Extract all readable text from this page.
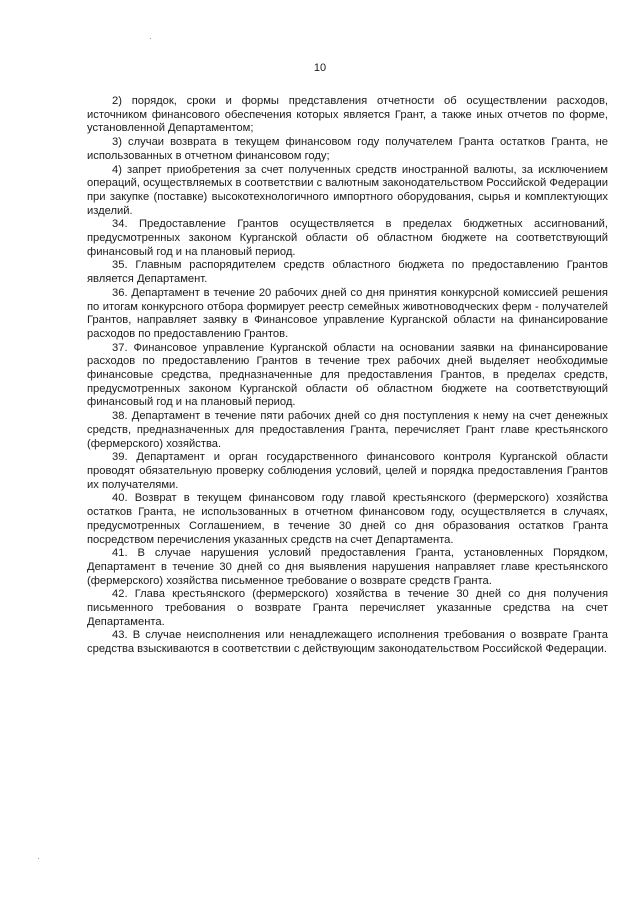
10

2) порядок, сроки и формы представления отчетности об осуществлении расходов, источником финансового обеспечения которых является Грант, а также иных отчетов по форме, установленной Департаментом;

3) случаи возврата в текущем финансовом году получателем Гранта остатков Гранта, не использованных в отчетном финансовом году;

4) запрет приобретения за счет полученных средств иностранной валюты, за исключением операций, осуществляемых в соответствии с валютным законодательством Российской Федерации при закупке (поставке) высокотехнологичного импортного оборудования, сырья и комплектующих изделий.

34. Предоставление Грантов осуществляется в пределах бюджетных ассигнований, предусмотренных законом Курганской области об областном бюджете на соответствующий финансовый год и на плановый период.

35. Главным распорядителем средств областного бюджета по предоставлению Грантов является Департамент.

36. Департамент в течение 20 рабочих дней со дня принятия конкурсной комиссией решения по итогам конкурсного отбора формирует реестр семейных животноводческих ферм - получателей Грантов, направляет заявку в Финансовое управление Курганской области на финансирование расходов по предоставлению Грантов.

37. Финансовое управление Курганской области на основании заявки на финансирование расходов по предоставлению Грантов в течение трех рабочих дней выделяет необходимые финансовые средства, предназначенные для предоставления Грантов, в пределах средств, предусмотренных законом Курганской области об областном бюджете на соответствующий финансовый год и на плановый период.

38. Департамент в течение пяти рабочих дней со дня поступления к нему на счет денежных средств, предназначенных для предоставления Гранта, перечисляет Грант главе крестьянского (фермерского) хозяйства.

39. Департамент и орган государственного финансового контроля Курганской области проводят обязательную проверку соблюдения условий, целей и порядка предоставления Грантов их получателями.

40. Возврат в текущем финансовом году главой крестьянского (фермерского) хозяйства остатков Гранта, не использованных в отчетном финансовом году, осуществляется в случаях, предусмотренных Соглашением, в течение 30 дней со дня образования остатков Гранта посредством перечисления указанных средств на счет Департамента.

41. В случае нарушения условий предоставления Гранта, установленных Порядком, Департамент в течение 30 дней со дня выявления нарушения направляет главе крестьянского (фермерского) хозяйства письменное требование о возврате средств Гранта.

42. Глава крестьянского (фермерского) хозяйства в течение 30 дней со дня получения письменного требования о возврате Гранта перечисляет указанные средства на счет Департамента.

43. В случае неисполнения или ненадлежащего исполнения требования о возврате Гранта средства взыскиваются в соответствии с действующим законодательством Российской Федерации.
